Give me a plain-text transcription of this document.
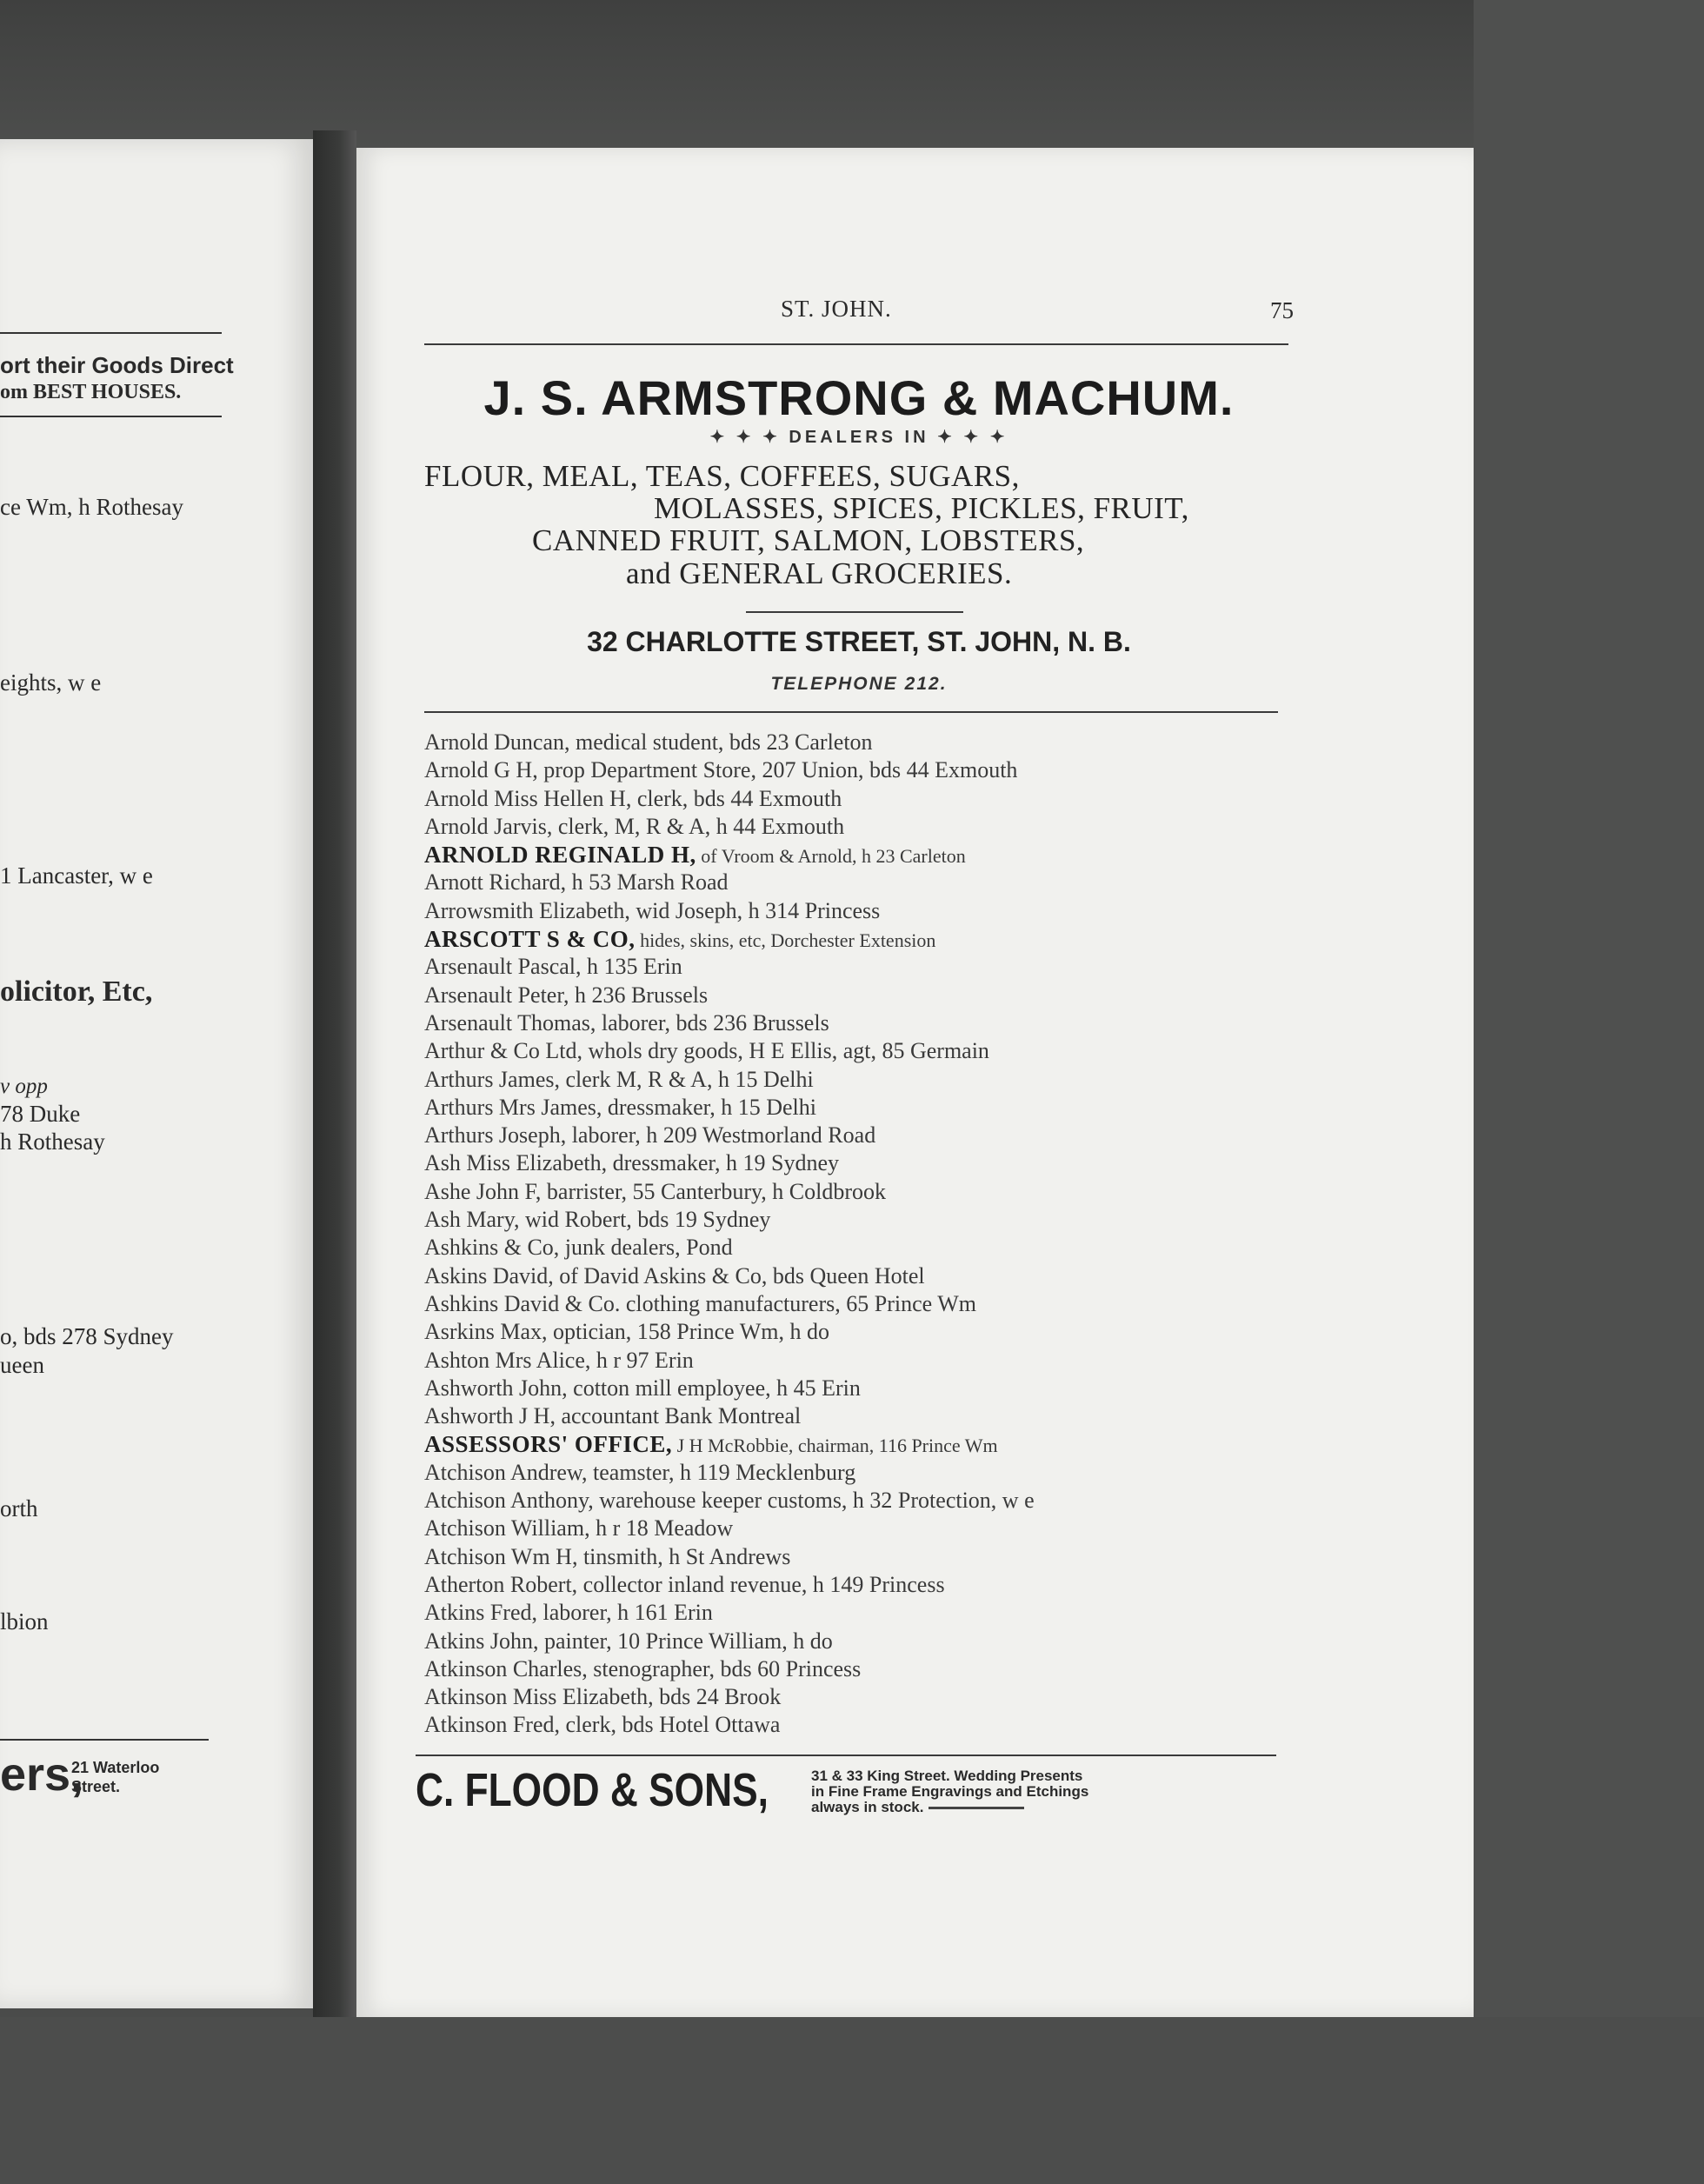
ort their Goods Direct
om BEST HOUSES.
ce Wm, h Rothesay
eights, w e
1 Lancaster, w e
olicitor, Etc,
v opp
78 Duke
h Rothesay
o, bds 278 Sydney
ueen
orth
lbion
ers,
21 Waterloo Street.
ST. JOHN.	75
J. S. ARMSTRONG & MACHUM.
✦ ✦ ✦ DEALERS IN ✦ ✦ ✦
FLOUR, MEAL, TEAS, COFFEES, SUGARS,
MOLASSES, SPICES, PICKLES, FRUIT,
CANNED FRUIT, SALMON, LOBSTERS,
and GENERAL GROCERIES.
32 CHARLOTTE STREET, ST. JOHN, N. B.
TELEPHONE 212.
Arnold Duncan, medical student, bds 23 Carleton
Arnold G H, prop Department Store, 207 Union, bds 44 Exmouth
Arnold Miss Hellen H, clerk, bds 44 Exmouth
Arnold Jarvis, clerk, M, R & A, h 44 Exmouth
ARNOLD REGINALD H, of Vroom & Arnold, h 23 Carleton
Arnott Richard, h 53 Marsh Road
Arrowsmith Elizabeth, wid Joseph, h 314 Princess
ARSCOTT S & CO, hides, skins, etc, Dorchester Extension
Arsenault Pascal, h 135 Erin
Arsenault Peter, h 236 Brussels
Arsenault Thomas, laborer, bds 236 Brussels
Arthur & Co Ltd, whols dry goods, H E Ellis, agt, 85 Germain
Arthurs James, clerk M, R & A, h 15 Delhi
Arthurs Mrs James, dressmaker, h 15 Delhi
Arthurs Joseph, laborer, h 209 Westmorland Road
Ash Miss Elizabeth, dressmaker, h 19 Sydney
Ashe John F, barrister, 55 Canterbury, h Coldbrook
Ash Mary, wid Robert, bds 19 Sydney
Ashkins & Co, junk dealers, Pond
Askins David, of David Askins & Co, bds Queen Hotel
Ashkins David & Co. clothing manufacturers, 65 Prince Wm
Asrkins Max, optician, 158 Prince Wm, h do
Ashton Mrs Alice, h r 97 Erin
Ashworth John, cotton mill employee, h 45 Erin
Ashworth J H, accountant Bank Montreal
ASSESSORS' OFFICE, J H McRobbie, chairman, 116 Prince Wm
Atchison Andrew, teamster, h 119 Mecklenburg
Atchison Anthony, warehouse keeper customs, h 32 Protection, w e
Atchison William, h r 18 Meadow
Atchison Wm H, tinsmith, h St Andrews
Atherton Robert, collector inland revenue, h 149 Princess
Atkins Fred, laborer, h 161 Erin
Atkins John, painter, 10 Prince William, h do
Atkinson Charles, stenographer, bds 60 Princess
Atkinson Miss Elizabeth, bds 24 Brook
Atkinson Fred, clerk, bds Hotel Ottawa
C. FLOOD & SONS,	31 & 33 King Street. Wedding Presents
in Fine Frame Engravings and Etchings
always in stock.
